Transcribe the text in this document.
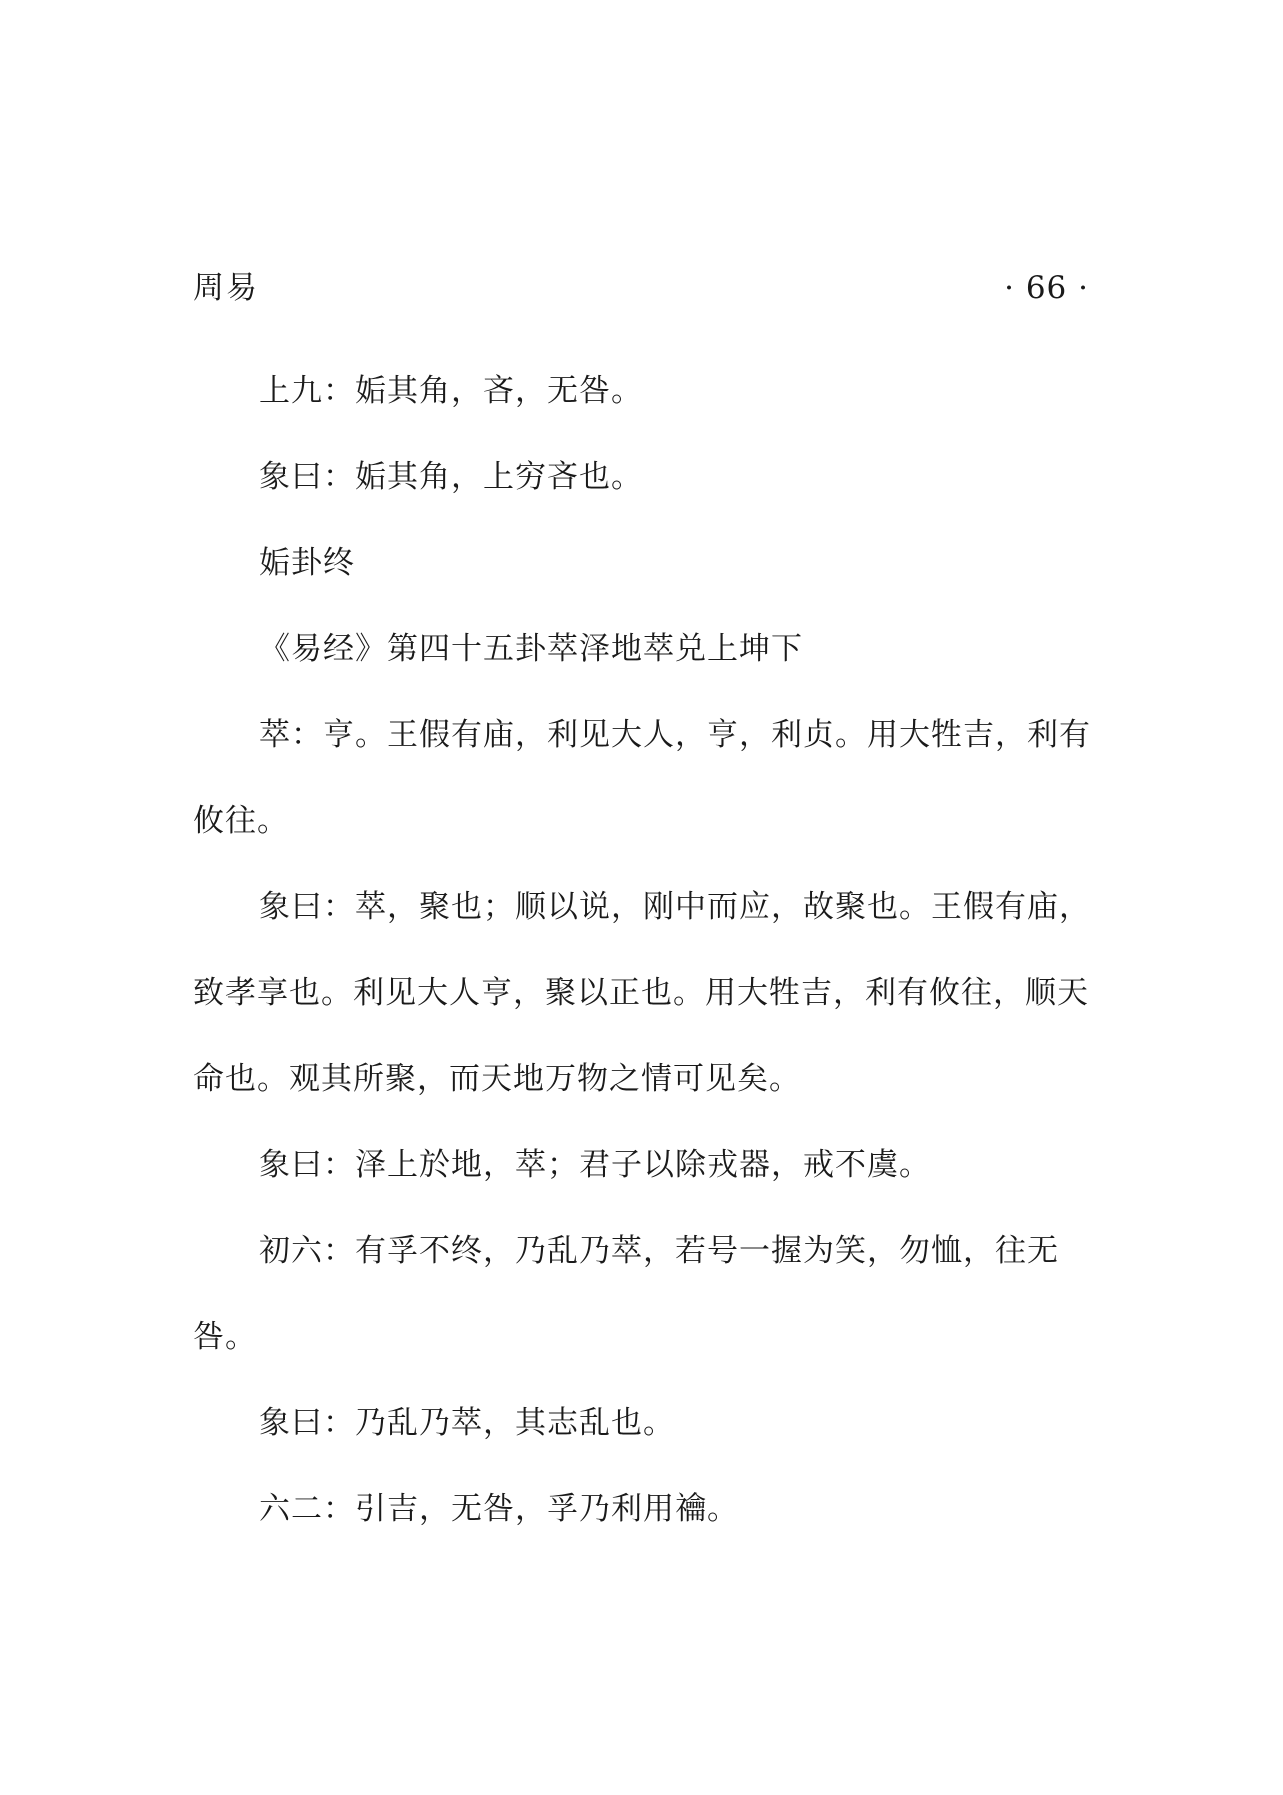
周易	· 66 ·

上九：姤其角，吝，无咎。

象曰：姤其角，上穷吝也。

姤卦终

《易经》第四十五卦萃泽地萃兑上坤下

萃：亨。王假有庙，利见大人，亨，利贞。用大牲吉，利有攸往。

象曰：萃，聚也；顺以说，刚中而应，故聚也。王假有庙，致孝享也。利见大人亨，聚以正也。用大牲吉，利有攸往，顺天命也。观其所聚，而天地万物之情可见矣。

象曰：泽上於地，萃；君子以除戎器，戒不虞。

初六：有孚不终，乃乱乃萃，若号一握为笑，勿恤，往无咎。

象曰：乃乱乃萃，其志乱也。

六二：引吉，无咎，孚乃利用禴。
